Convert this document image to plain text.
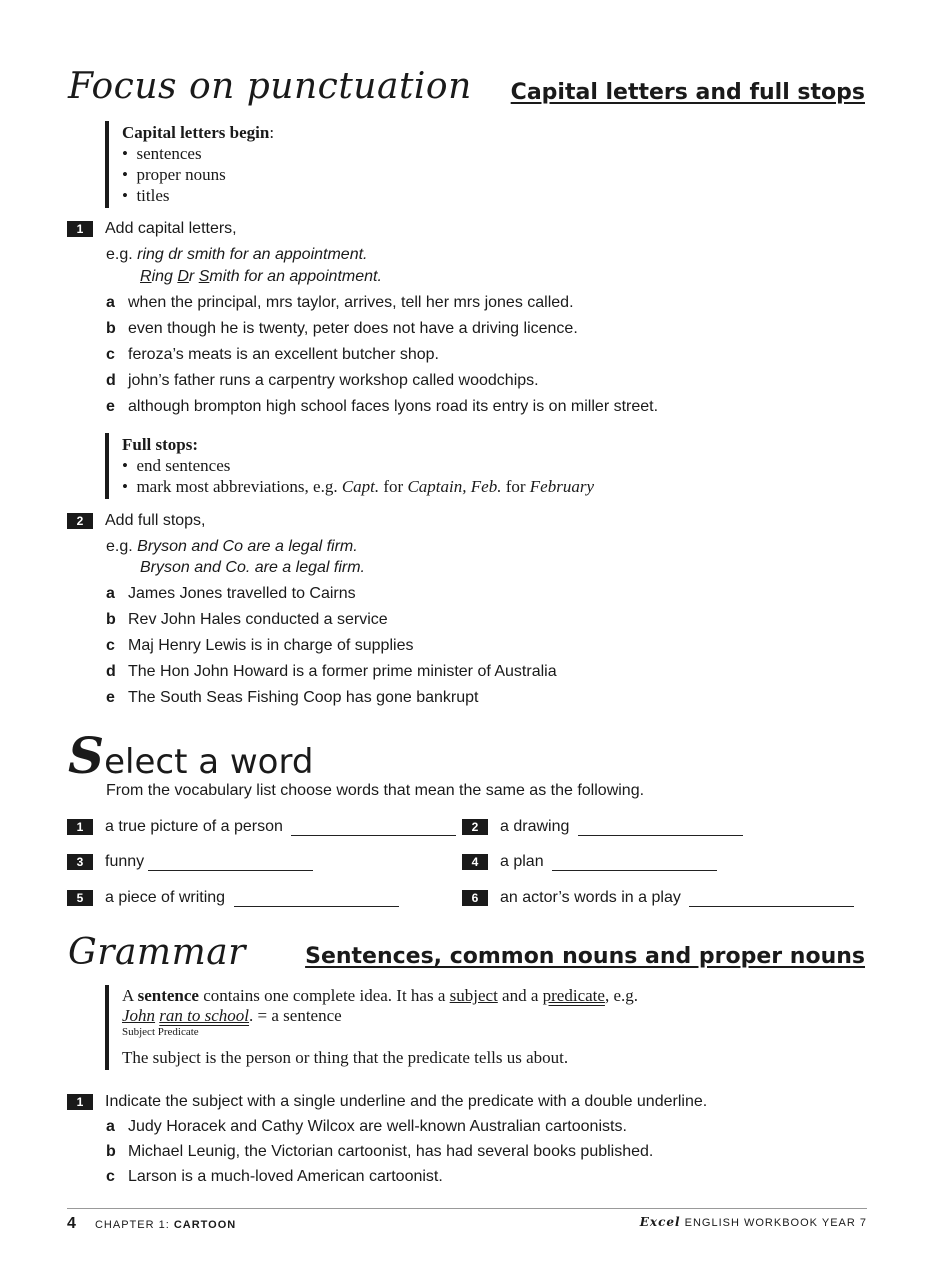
Focus on punctuation Capital letters and full stops
Capital letters begin:
•  sentences
•  proper nouns
•  titles
1 Add capital letters,
e.g. ring dr smith for an appointment.
Ring Dr Smith for an appointment.
a when the principal, mrs taylor, arrives, tell her mrs jones called.
b even though he is twenty, peter does not have a driving licence.
c feroza’s meats is an excellent butcher shop.
d john’s father runs a carpentry workshop called woodchips.
e although brompton high school faces lyons road its entry is on miller street.
Full stops:
•  end sentences
•  mark most abbreviations, e.g. Capt. for Captain, Feb. for February
2 Add full stops,
e.g. Bryson and Co are a legal firm.
Bryson and Co. are a legal firm.
a James Jones travelled to Cairns
b Rev John Hales conducted a service
c Maj Henry Lewis is in charge of supplies
d The Hon John Howard is a former prime minister of Australia
e The South Seas Fishing Coop has gone bankrupt
Select a word
From the vocabulary list choose words that mean the same as the following.
1 a true picture of a person	2 a drawing
3 funny	4 a plan
5 a piece of writing	6 an actor’s words in a play
Grammar	Sentences, common nouns and proper nouns
A sentence contains one complete idea. It has a subject and a predicate, e.g.
John ran to school. = a sentence
Subject Predicate
The subject is the person or thing that the predicate tells us about.
1 Indicate the subject with a single underline and the predicate with a double underline.
a Judy Horacek and Cathy Wilcox are well-known Australian cartoonists.
b Michael Leunig, the Victorian cartoonist, has had several books published.
c Larson is a much-loved American cartoonist.
4 CHAPTER 1: CARTOON	Excel ENGLISH WORKBOOK YEAR 7
